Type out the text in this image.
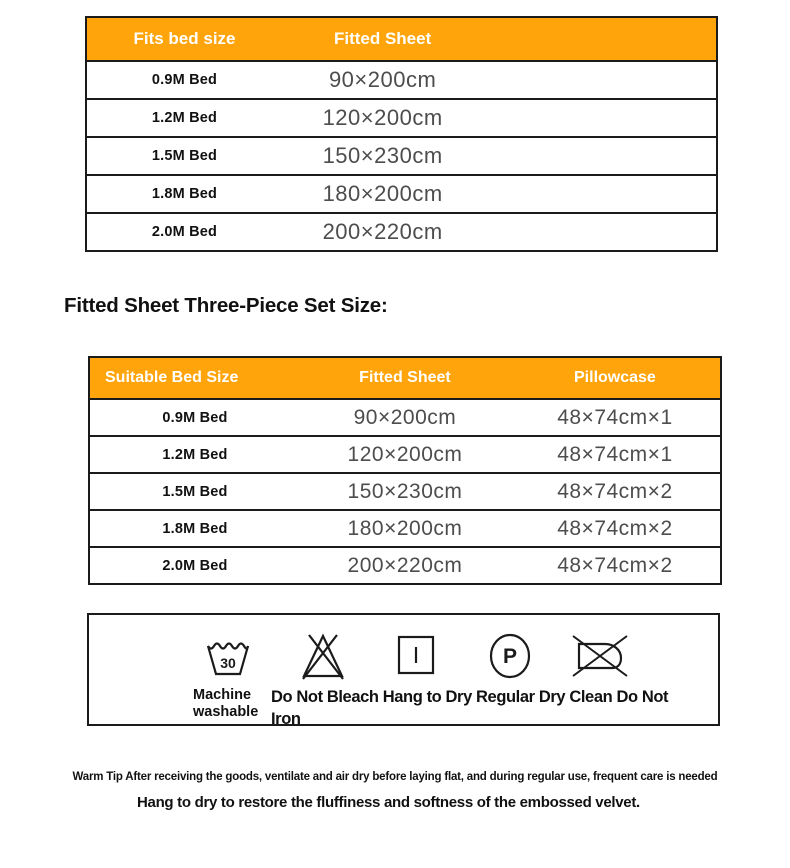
Fits bed size	Fitted Sheet
0.9M Bed	90×200cm
1.2M Bed	120×200cm
1.5M Bed	150×230cm
1.8M Bed	180×200cm
2.0M Bed	200×220cm
Fitted Sheet Three-Piece Set Size:
Suitable Bed Size	Fitted Sheet	Pillowcase
0.9M Bed	90×200cm	48×74cm×1
1.2M Bed	120×200cm	48×74cm×1
1.5M Bed	150×230cm	48×74cm×2
1.8M Bed	180×200cm	48×74cm×2
2.0M Bed	200×220cm	48×74cm×2
30	P
Machine washable
Do Not Bleach Hang to Dry Regular Dry Clean Do Not
Iron
Warm Tip After receiving the goods, ventilate and air dry before laying flat, and during regular use, frequent care is needed
Hang to dry to restore the fluffiness and softness of the embossed velvet.
